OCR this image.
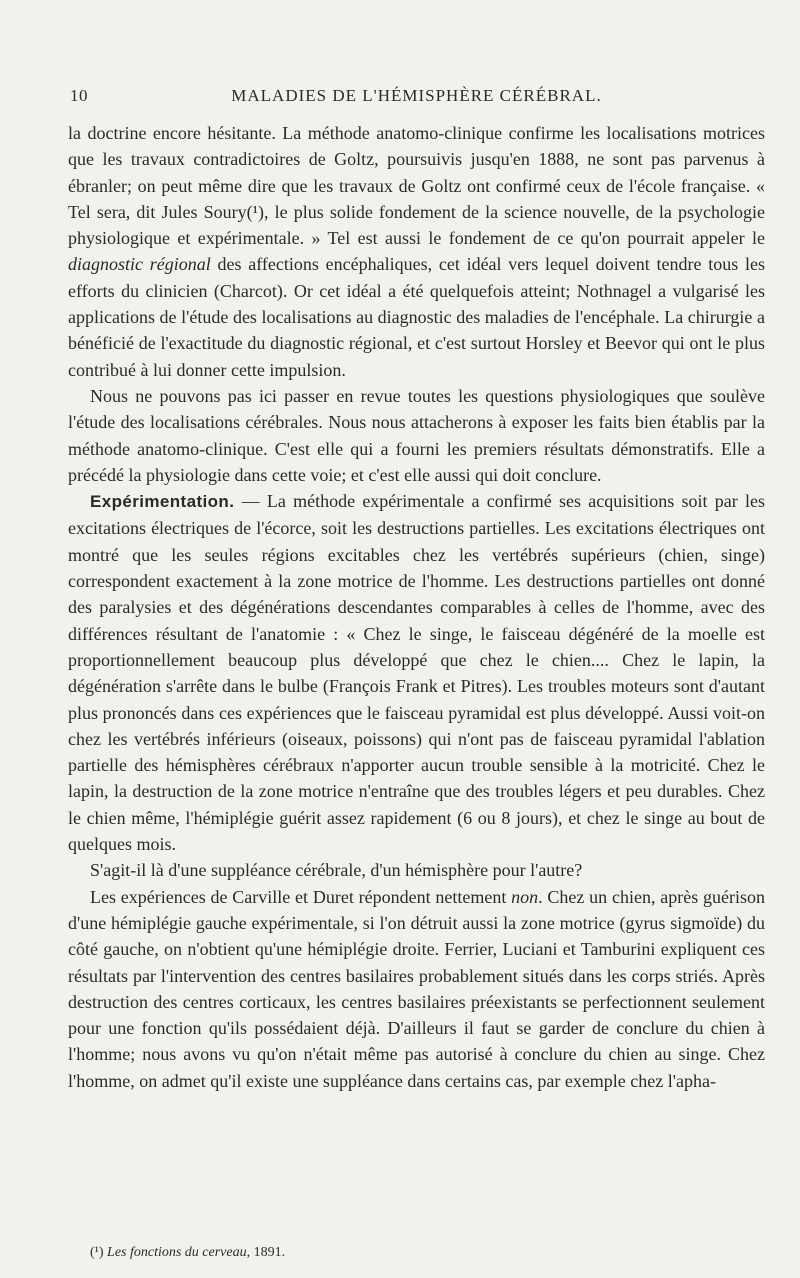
10	MALADIES DE L'HÉMISPHÈRE CÉRÉBRAL.

la doctrine encore hésitante. La méthode anatomo-clinique confirme les localisations motrices que les travaux contradictoires de Goltz, poursuivis jusqu'en 1888, ne sont pas parvenus à ébranler; on peut même dire que les travaux de Goltz ont confirmé ceux de l'école française. « Tel sera, dit Jules Soury(¹), le plus solide fondement de la science nouvelle, de la psychologie physiologique et expérimentale. » Tel est aussi le fondement de ce qu'on pourrait appeler le diagnostic régional des affections encéphaliques, cet idéal vers lequel doivent tendre tous les efforts du clinicien (Charcot). Or cet idéal a été quelquefois atteint; Nothnagel a vulgarisé les applications de l'étude des localisations au diagnostic des maladies de l'encéphale. La chirurgie a bénéficié de l'exactitude du diagnostic régional, et c'est surtout Horsley et Beevor qui ont le plus contribué à lui donner cette impulsion.

Nous ne pouvons pas ici passer en revue toutes les questions physiologiques que soulève l'étude des localisations cérébrales. Nous nous attacherons à exposer les faits bien établis par la méthode anatomo-clinique. C'est elle qui a fourni les premiers résultats démonstratifs. Elle a précédé la physiologie dans cette voie; et c'est elle aussi qui doit conclure.

Expérimentation. — La méthode expérimentale a confirmé ses acquisitions soit par les excitations électriques de l'écorce, soit les destructions partielles. Les excitations électriques ont montré que les seules régions excitables chez les vertébrés supérieurs (chien, singe) correspondent exactement à la zone motrice de l'homme. Les destructions partielles ont donné des paralysies et des dégénérations descendantes comparables à celles de l'homme, avec des différences résultant de l'anatomie : « Chez le singe, le faisceau dégénéré de la moelle est proportionnellement beaucoup plus développé que chez le chien.... Chez le lapin, la dégénération s'arrête dans le bulbe (François Frank et Pitres). Les troubles moteurs sont d'autant plus prononcés dans ces expériences que le faisceau pyramidal est plus développé. Aussi voit-on chez les vertébrés inférieurs (oiseaux, poissons) qui n'ont pas de faisceau pyramidal l'ablation partielle des hémisphères cérébraux n'apporter aucun trouble sensible à la motricité. Chez le lapin, la destruction de la zone motrice n'entraîne que des troubles légers et peu durables. Chez le chien même, l'hémiplégie guérit assez rapidement (6 ou 8 jours), et chez le singe au bout de quelques mois.

S'agit-il là d'une suppléance cérébrale, d'un hémisphère pour l'autre?

Les expériences de Carville et Duret répondent nettement non. Chez un chien, après guérison d'une hémiplégie gauche expérimentale, si l'on détruit aussi la zone motrice (gyrus sigmoïde) du côté gauche, on n'obtient qu'une hémiplégie droite. Ferrier, Luciani et Tamburini expliquent ces résultats par l'intervention des centres basilaires probablement situés dans les corps striés. Après destruction des centres corticaux, les centres basilaires préexistants se perfectionnent seulement pour une fonction qu'ils possédaient déjà. D'ailleurs il faut se garder de conclure du chien à l'homme; nous avons vu qu'on n'était même pas autorisé à conclure du chien au singe. Chez l'homme, on admet qu'il existe une suppléance dans certains cas, par exemple chez l'apha-

(¹) Les fonctions du cerveau, 1891.
